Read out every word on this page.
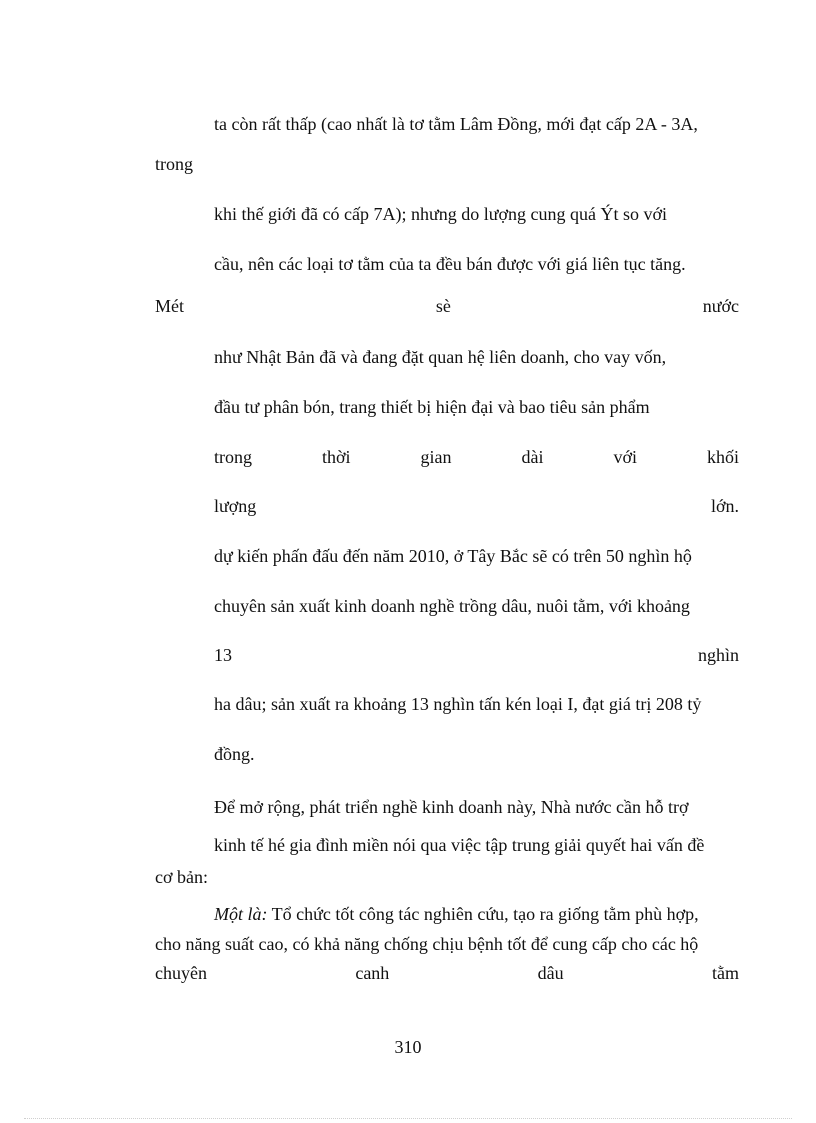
ta còn rất thấp (cao nhất là tơ tằm Lâm Đồng, mới đạt cấp 2A - 3A,
trong
khi thế giới đã có cấp 7A); nhưng do lượng cung quá Ýt so với
cầu, nên các loại tơ tằm của ta đều bán được với giá liên tục tăng.
Mét	sè	nước
như Nhật Bản đã và đang đặt quan hệ liên doanh, cho vay vốn,
đầu tư phân bón, trang thiết bị hiện đại và bao tiêu sản phẩm
trong	thời	gian	dài	với	khối
lượng	lớn.
dự kiến phấn đấu đến năm 2010, ở Tây Bắc sẽ có trên 50 nghìn hộ
chuyên sản xuất kinh doanh nghề trồng dâu, nuôi tằm, với khoảng
13	nghìn
ha dâu; sản xuất ra khoảng 13 nghìn tấn kén loại I, đạt giá trị 208 tỷ
đồng.
Để mở rộng, phát triển nghề kinh doanh này, Nhà nước cần hỗ trợ
kinh tế hé gia đình miền nói qua việc tập trung giải quyết hai vấn đề
cơ bản:
Một là: Tổ chức tốt công tác nghiên cứu, tạo ra giống tằm phù hợp,
cho năng suất cao, có khả năng chống chịu bệnh tốt để cung cấp cho các hộ
chuyên	canh	dâu	tằm
310
